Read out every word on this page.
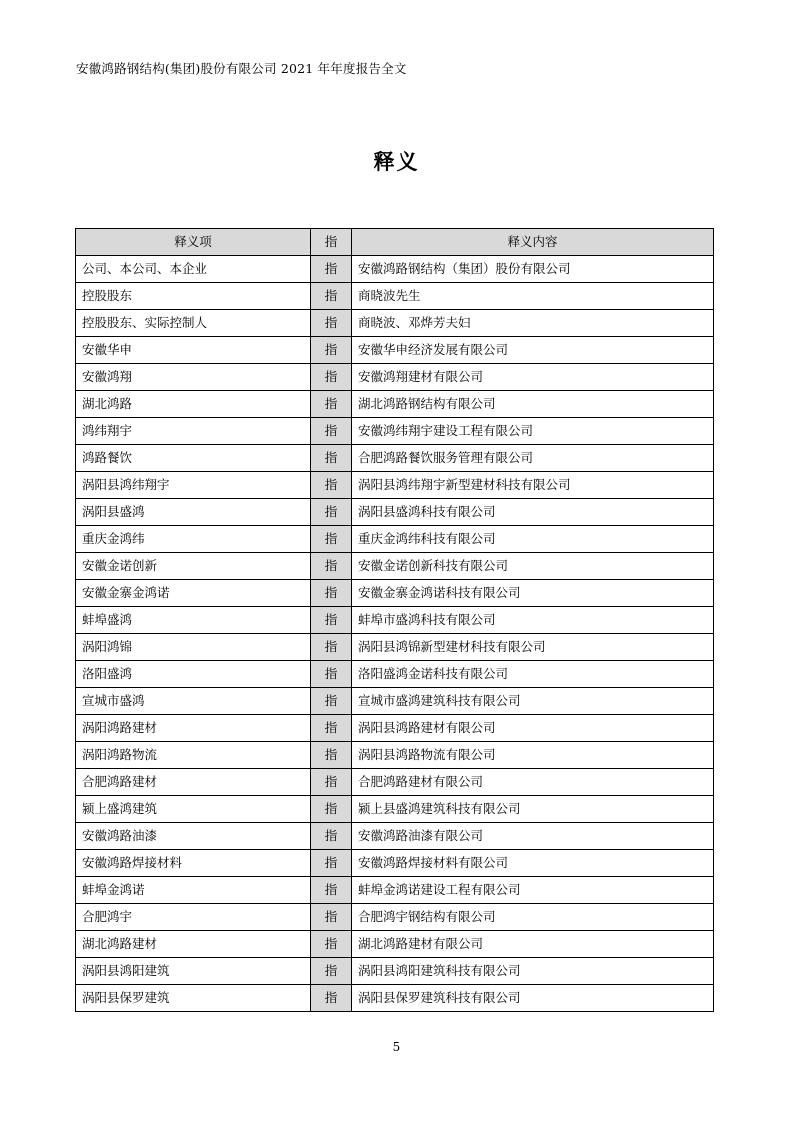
安徽鸿路钢结构(集团)股份有限公司 2021 年年度报告全文
释义
释义项	指	释义内容
公司、本公司、本企业	指	安徽鸿路钢结构（集团）股份有限公司
控股股东	指	商晓波先生
控股股东、实际控制人	指	商晓波、邓烨芳夫妇
安徽华申	指	安徽华申经济发展有限公司
安徽鸿翔	指	安徽鸿翔建材有限公司
湖北鸿路	指	湖北鸿路钢结构有限公司
鸿纬翔宇	指	安徽鸿纬翔宇建设工程有限公司
鸿路餐饮	指	合肥鸿路餐饮服务管理有限公司
涡阳县鸿纬翔宇	指	涡阳县鸿纬翔宇新型建材科技有限公司
涡阳县盛鸿	指	涡阳县盛鸿科技有限公司
重庆金鸿纬	指	重庆金鸿纬科技有限公司
安徽金诺创新	指	安徽金诺创新科技有限公司
安徽金寨金鸿诺	指	安徽金寨金鸿诺科技有限公司
蚌埠盛鸿	指	蚌埠市盛鸿科技有限公司
涡阳鸿锦	指	涡阳县鸿锦新型建材科技有限公司
洛阳盛鸿	指	洛阳盛鸿金诺科技有限公司
宣城市盛鸿	指	宣城市盛鸿建筑科技有限公司
涡阳鸿路建材	指	涡阳县鸿路建材有限公司
涡阳鸿路物流	指	涡阳县鸿路物流有限公司
合肥鸿路建材	指	合肥鸿路建材有限公司
颍上盛鸿建筑	指	颍上县盛鸿建筑科技有限公司
安徽鸿路油漆	指	安徽鸿路油漆有限公司
安徽鸿路焊接材料	指	安徽鸿路焊接材料有限公司
蚌埠金鸿诺	指	蚌埠金鸿诺建设工程有限公司
合肥鸿宇	指	合肥鸿宇钢结构有限公司
湖北鸿路建材	指	湖北鸿路建材有限公司
涡阳县鸿阳建筑	指	涡阳县鸿阳建筑科技有限公司
涡阳县保罗建筑	指	涡阳县保罗建筑科技有限公司
5
